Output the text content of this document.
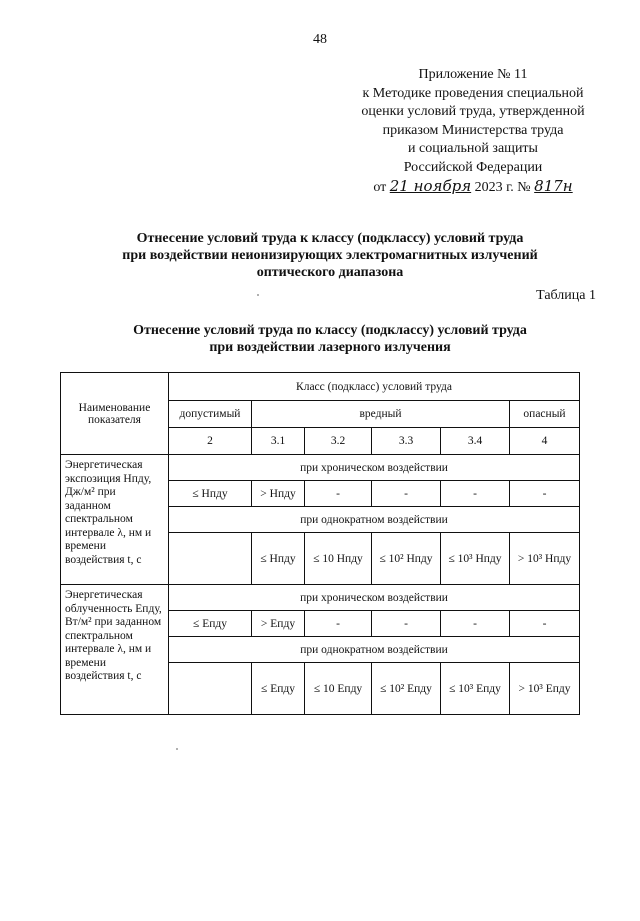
48
Приложение № 11
к Методике проведения специальной
оценки условий труда, утвержденной
приказом Министерства труда
и социальной защиты
Российской Федерации
от 21 ноября 2023 г. № 817н
Отнесение условий труда к классу (подклассу) условий труда
при воздействии неионизирующих электромагнитных излучений
оптического диапазона
Таблица 1
Отнесение условий труда по классу (подклассу) условий труда
при воздействии лазерного излучения
Наименование показателя	Класс (подкласс) условий труда					
	допустимый	вредный				опасный
	2	3.1	3.2	3.3	3.4	4
Энергетическая экспозиция Hпду, Дж/м² при заданном спектральном интервале λ, нм и времени воздействия t, с	при хроническом воздействии					
	≤ Hпду	> Hпду	-	-	-	-
	при однократном воздействии					
		≤ Hпду	≤ 10 Hпду	≤ 10² Hпду	≤ 10³ Hпду	> 10³ Hпду
Энергетическая облученность Eпду, Вт/м² при заданном спектральном интервале λ, нм и времени воздействия t, с	при хроническом воздействии					
	≤ Eпду	> Eпду	-	-	-	-
	при однократном воздействии					
		≤ Eпду	≤ 10 Eпду	≤ 10² Eпду	≤ 10³ Eпду	> 10³ Eпду
